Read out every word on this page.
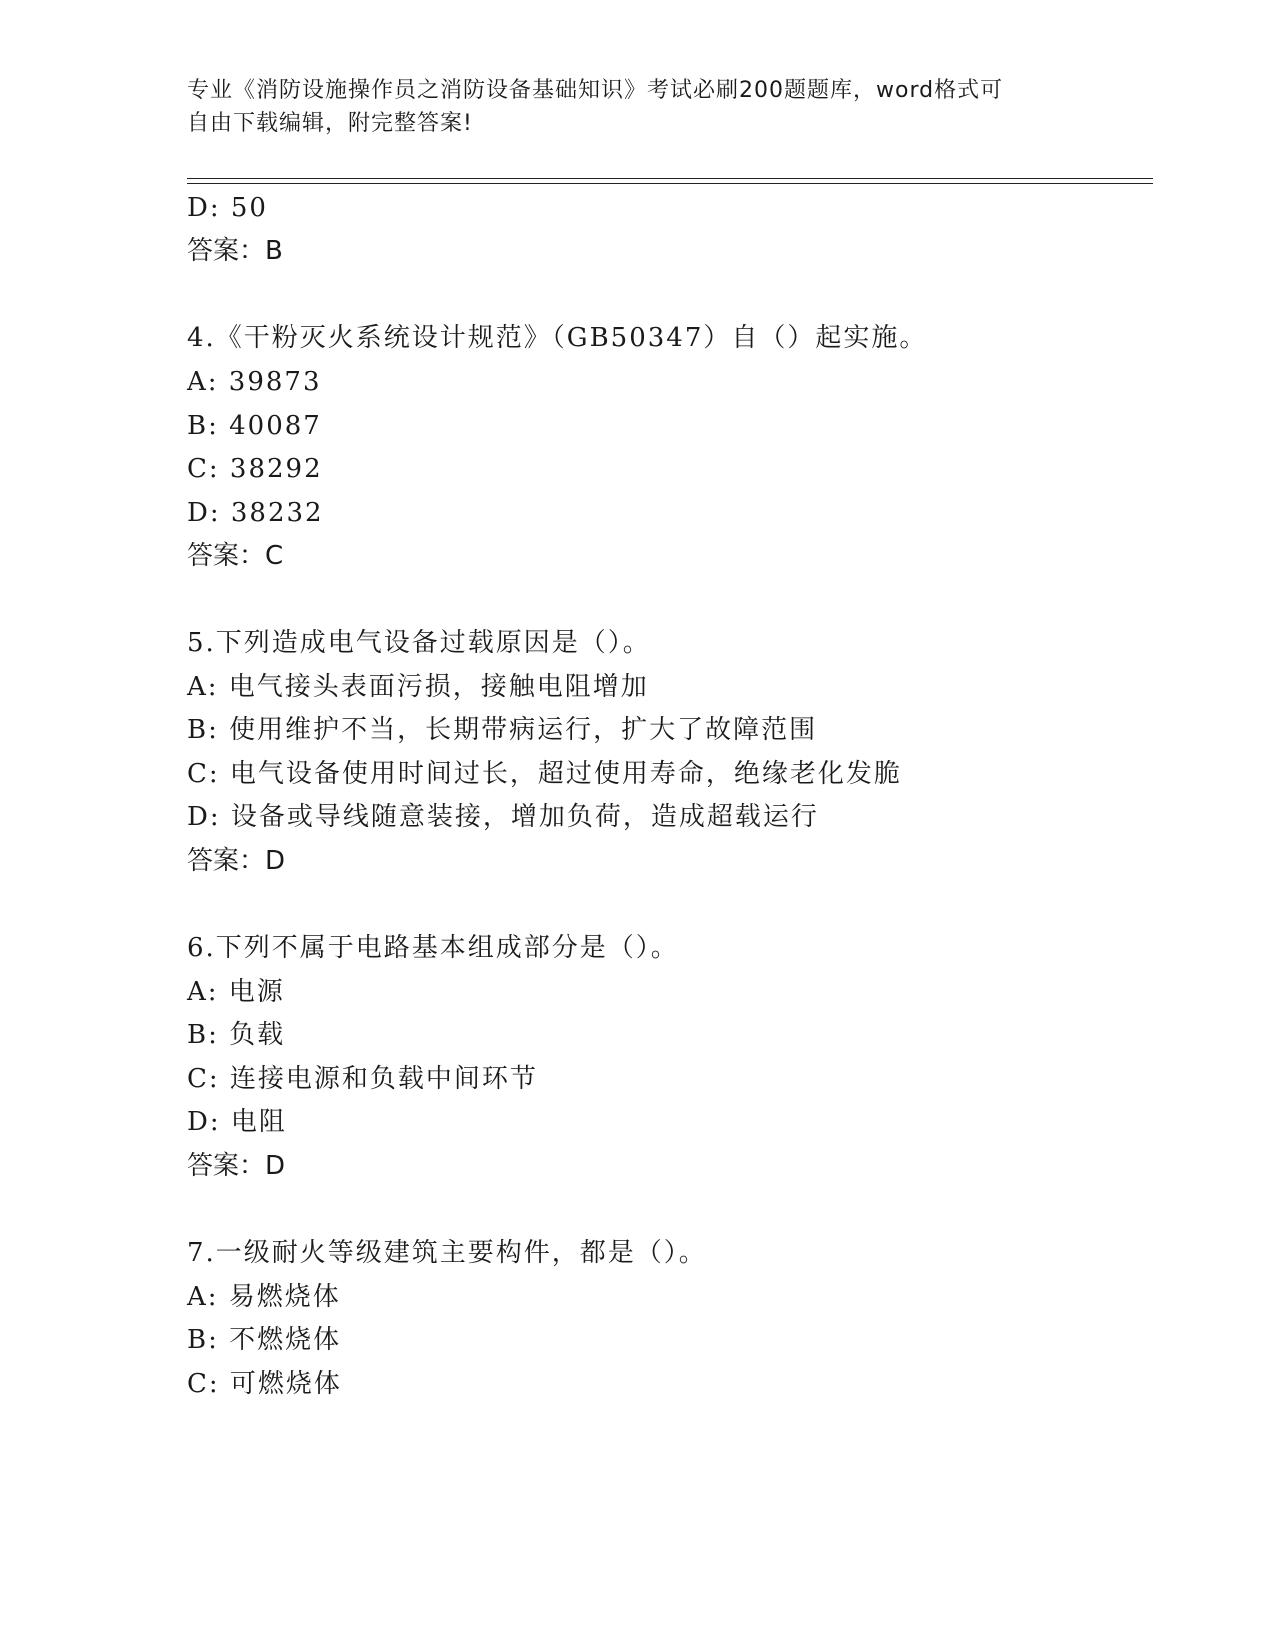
专业《消防设施操作员之消防设备基础知识》考试必刷200题题库，word格式可
自由下载编辑，附完整答案!
D: 50
答案：B
4.《干粉灭火系统设计规范》（GB50347）自（）起实施。
A: 39873
B: 40087
C: 38292
D: 38232
答案：C
5.下列造成电气设备过载原因是（）。
A: 电气接头表面污损，接触电阻增加
B: 使用维护不当，长期带病运行，扩大了故障范围
C: 电气设备使用时间过长，超过使用寿命，绝缘老化发脆
D: 设备或导线随意装接，增加负荷，造成超载运行
答案：D
6.下列不属于电路基本组成部分是（）。
A: 电源
B: 负载
C: 连接电源和负载中间环节
D: 电阻
答案：D
7.一级耐火等级建筑主要构件，都是（）。
A: 易燃烧体
B: 不燃烧体
C: 可燃烧体
